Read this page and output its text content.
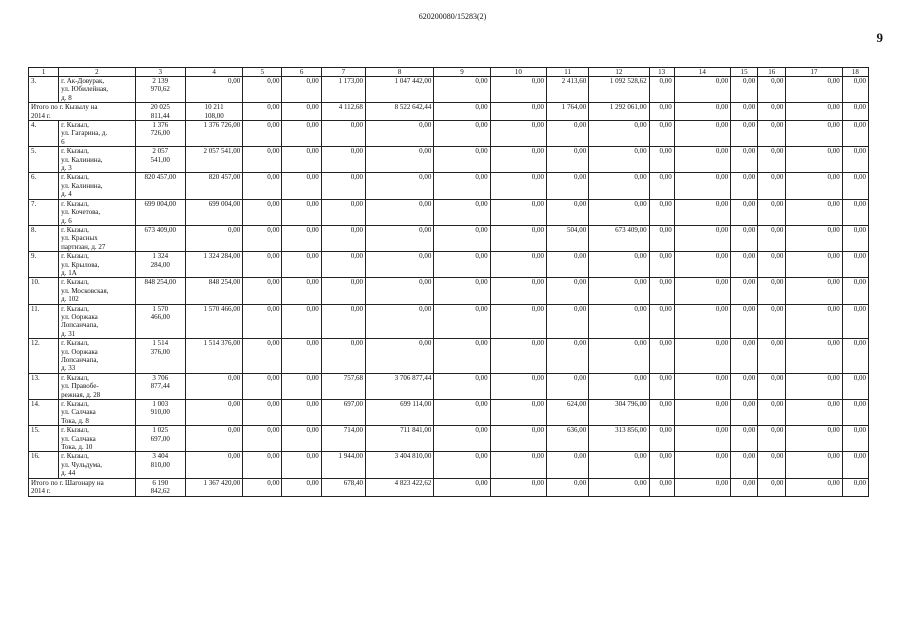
620200080/15283(2)
9
1	2	3	4	5	6	7	8	9	10	11	12	13	14	15	16	17	18
3.	г. Ак-Довурак,
ул. Юбилейная,
д. 8	2 139
970,62	0,00	0,00	0,00	1 173,00	1 047 442,00	0,00	0,00	2 413,60	1 092 528,62	0,00	0,00	0,00	0,00	0,00	0,00
Итого по г. Кызылу на
2014 г.		20 025
811,44	10 211
108,00	0,00	0,00	4 112,68	8 522 642,44	0,00	0,00	1 764,00	1 292 061,00	0,00	0,00	0,00	0,00	0,00	0,00
4.	г. Кызыл,
ул. Гагарина, д.
6	1 376
726,00	1 376 726,00	0,00	0,00	0,00	0,00	0,00	0,00	0,00	0,00	0,00	0,00	0,00	0,00	0,00	0,00
5.	г. Кызыл,
ул. Калинина,
д. 3	2 057
541,00	2 057 541,00	0,00	0,00	0,00	0,00	0,00	0,00	0,00	0,00	0,00	0,00	0,00	0,00	0,00	0,00
6.	г. Кызыл,
ул. Калинина,
д. 4	820 457,00	820 457,00	0,00	0,00	0,00	0,00	0,00	0,00	0,00	0,00	0,00	0,00	0,00	0,00	0,00	0,00
7.	г. Кызыл,
ул. Кочетова,
д. 6	699 004,00	699 004,00	0,00	0,00	0,00	0,00	0,00	0,00	0,00	0,00	0,00	0,00	0,00	0,00	0,00	0,00
8.	г. Кызыл,
ул. Красных
партизан, д. 27	673 409,00	0,00	0,00	0,00	0,00	0,00	0,00	0,00	504,00	673 409,00	0,00	0,00	0,00	0,00	0,00	0,00
9.	г. Кызыл,
ул. Крылова,
д. 1А	1 324
284,00	1 324 284,00	0,00	0,00	0,00	0,00	0,00	0,00	0,00	0,00	0,00	0,00	0,00	0,00	0,00	0,00
10.	г. Кызыл,
ул. Московская,
д. 102	848 254,00	848 254,00	0,00	0,00	0,00	0,00	0,00	0,00	0,00	0,00	0,00	0,00	0,00	0,00	0,00	0,00
11.	г. Кызыл,
ул. Ооржака
Лопсанчапа,
д. 31	1 570
466,00	1 570 466,00	0,00	0,00	0,00	0,00	0,00	0,00	0,00	0,00	0,00	0,00	0,00	0,00	0,00	0,00
12.	г. Кызыл,
ул. Ооржака
Лопсанчапа,
д. 33	1 514
376,00	1 514 376,00	0,00	0,00	0,00	0,00	0,00	0,00	0,00	0,00	0,00	0,00	0,00	0,00	0,00	0,00
13.	г. Кызыл,
ул. Правобе-
режная, д. 28	3 706
877,44	0,00	0,00	0,00	757,68	3 706 877,44	0,00	0,00	0,00	0,00	0,00	0,00	0,00	0,00	0,00	0,00
14.	г. Кызыл,
ул. Салчака
Тока, д. 8	1 003
910,00	0,00	0,00	0,00	697,00	699 114,00	0,00	0,00	624,00	304 796,00	0,00	0,00	0,00	0,00	0,00	0,00
15.	г. Кызыл,
ул. Салчака
Тока, д. 10	1 025
697,00	0,00	0,00	0,00	714,00	711 841,00	0,00	0,00	636,00	313 856,00	0,00	0,00	0,00	0,00	0,00	0,00
16.	г. Кызыл,
ул. Чульдума,
д. 44	3 404
810,00	0,00	0,00	0,00	1 944,00	3 404 810,00	0,00	0,00	0,00	0,00	0,00	0,00	0,00	0,00	0,00	0,00
Итого по г. Шагонару на
2014 г.		6 190
842,62	1 367 420,00	0,00	0,00	678,40	4 823 422,62	0,00	0,00	0,00	0,00	0,00	0,00	0,00	0,00	0,00	0,00
